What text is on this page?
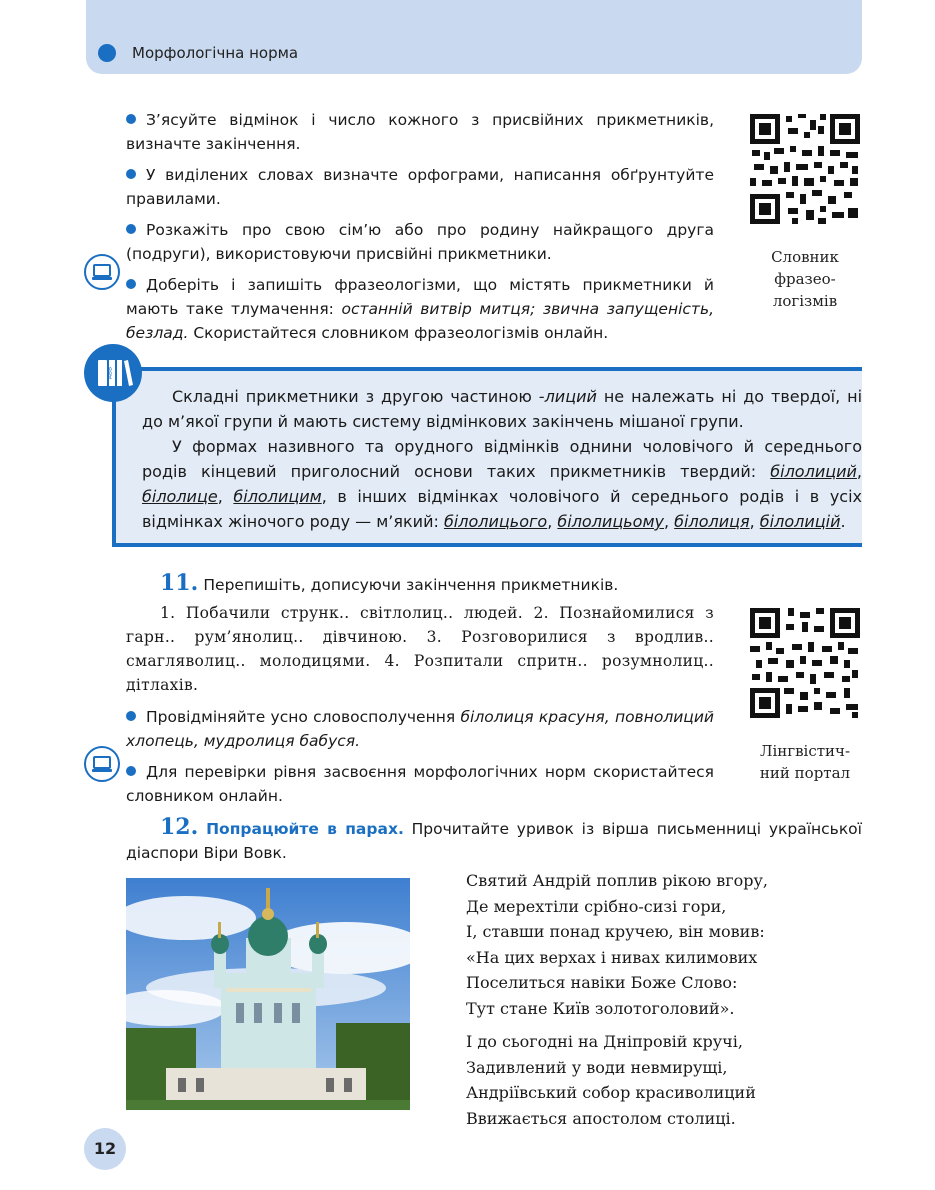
Морфологічна норма

З’ясуйте відмінок і число кожного з присвійних прикметників, визначте закінчення.

У виділених словах визначте орфограми, написання обґрунтуйте правилами.

Розкажіть про свою сім’ю або про родину найкращого друга (подруги), використовуючи присвійні прикметники.

Доберіть і запишіть фразеологізми, що містять прикметники й мають таке тлумачення: останній витвір митця; звична запущеність, безлад. Скористайтеся словником фразеологізмів онлайн.

Словник
фразео-
логізмів
АБВ

Складні прикметники з другою частиною -лиций не належать ні до твердої, ні до м’якої групи й мають систему відмінкових закінчень мішаної групи.

У формах називного та орудного відмінків однини чоловічого й середнього родів кінцевий приголосний основи таких прикметників твердий: білолиций, білолице, білолицим, в інших відмінках чоловічого й середнього родів і в усіх відмінках жіночого роду — м’який: білолицього, білолицьому, білолиця, білолицій.

11. Перепишіть, дописуючи закінчення прикметників.
1. Побачили струнк.. світлолиц.. людей. 2. Познайомилися з гарн.. рум’янолиц.. дівчиною. 3. Розговорилися з вродлив.. смагляволиц.. молодицями. 4. Розпитали спритн.. розумнолиц.. дітлахів.

Провідміняйте усно словосполучення білолиця красуня, повнолиций хлопець, мудролиця бабуся.

Для перевірки рівня засвоєння морфологічних норм скористайтеся словником онлайн.

Лінгвістич-
ний портал
12. Попрацюйте в парах. Прочитайте уривок із вірша письменниці української діаспори Віри Вовк.
Святий Андрій поплив рікою вгору,
Де мерехтіли срібно-сизі гори,
І, ставши понад кручею, він мовив:
«На цих верхах і нивах килимових
Поселиться навіки Боже Слово:
Тут стане Київ золотоголовий».
І до сьогодні на Дніпровій кручі,
Задивлений у води невмирущі,
Андріївський собор красиволиций
Ввижається апостолом столиці.
12
